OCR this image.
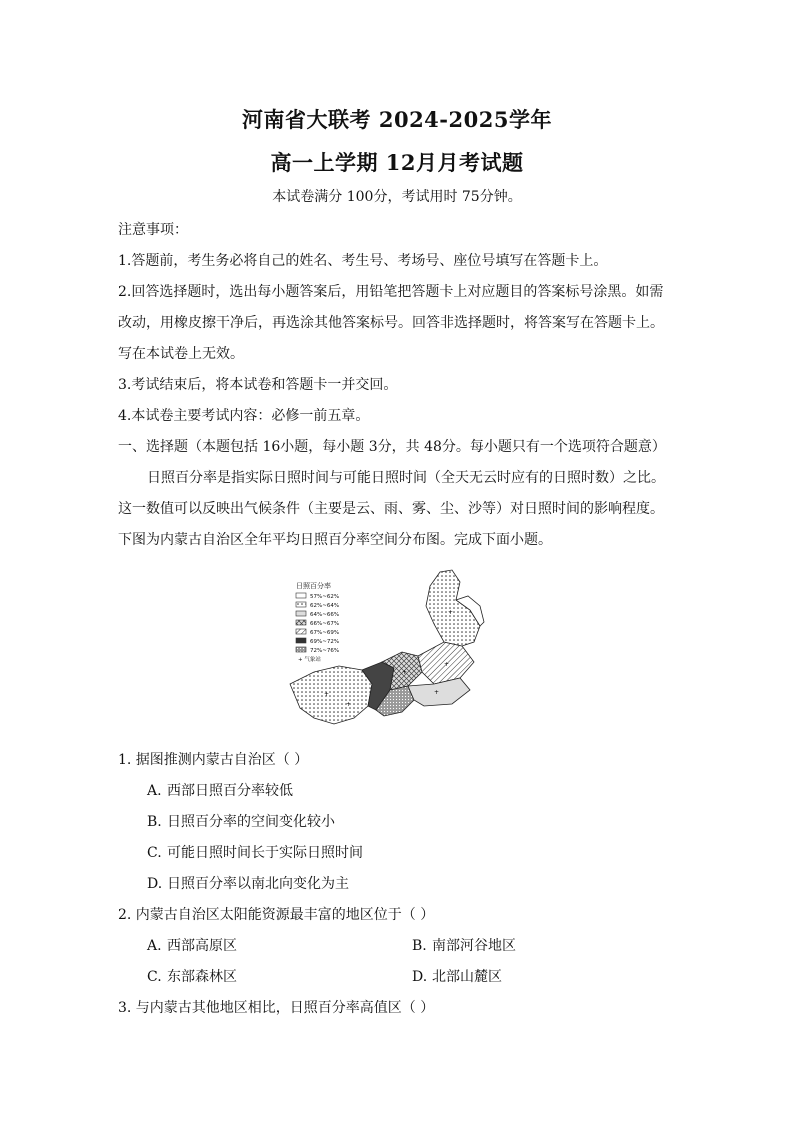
河南省大联考 2024-2025学年
高一上学期 12月月考试题
本试卷满分 100分，考试用时 75分钟。
注意事项：
1.答题前，考生务必将自己的姓名、考生号、考场号、座位号填写在答题卡上。
2.回答选择题时，选出每小题答案后，用铅笔把答题卡上对应题目的答案标号涂黑。如需
改动，用橡皮擦干净后，再选涂其他答案标号。回答非选择题时，将答案写在答题卡上。
写在本试卷上无效。
3.考试结束后，将本试卷和答题卡一并交回。
4.本试卷主要考试内容：必修一前五章。
一、选择题（本题包括 16小题，每小题 3分，共 48分。每小题只有一个选项符合题意）
日照百分率是指实际日照时间与可能日照时间（全天无云时应有的日照时数）之比。
这一数值可以反映出气候条件（主要是云、雨、雾、尘、沙等）对日照时间的影响程度。
下图为内蒙古自治区全年平均日照百分率空间分布图。完成下面小题。
日照百分率
57%~62%
62%~64%
64%~66%
66%~67%
67%~69%
69%~72%
72%~76%
+ 气象站
+
+
+
+
+
+
1. 据图推测内蒙古自治区（ ）
A. 西部日照百分率较低
B. 日照百分率的空间变化较小
C. 可能日照时间长于实际日照时间
D. 日照百分率以南北向变化为主
2. 内蒙古自治区太阳能资源最丰富的地区位于（ ）
A. 西部高原区	B. 南部河谷地区
C. 东部森林区	D. 北部山麓区
3. 与内蒙古其他地区相比，日照百分率高值区（ ）
